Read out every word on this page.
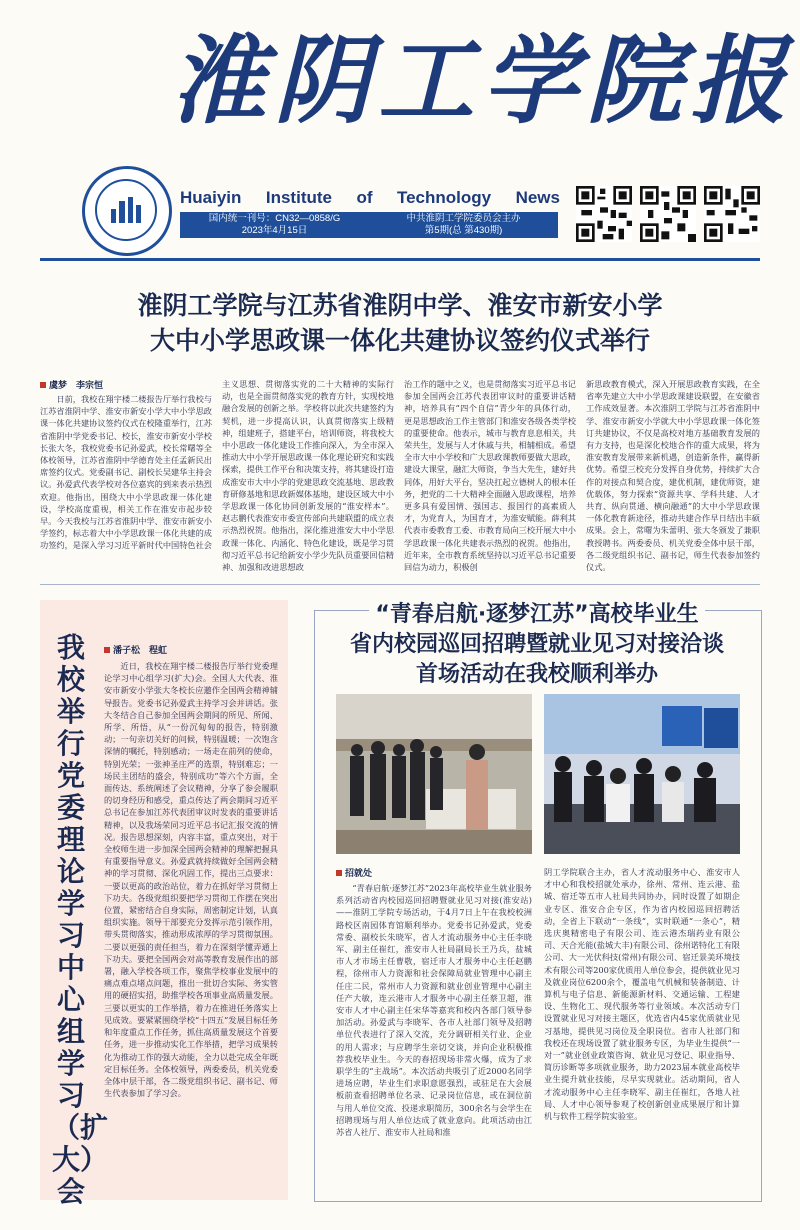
淮阴工学院报
Huaiyin Institute of Technology News
国内统一刊号：CN32—0858/G
2023年4月15日
中共淮阴工学院委员会主办
第5期(总 第430期)
淮阴工学院与江苏省淮阴中学、淮安市新安小学
大中小学思政课一体化共建协议签约仪式举行
虞梦　李宗恒

日前，我校在翔宇楼二楼报告厅举行我校与江苏省淮阴中学、淮安市新安小学大中小学思政课一体化共建协议签约仪式在校隆重举行，江苏省淮阴中学党委书记、校长，淮安市新安小学校长张大冬，我校党委书记孙爱武，校长常曙等全体校领导，江苏省淮阴中学德育处主任孟新民出席签约仪式。党委副书记、副校长吴建华主持会议。孙爱武代表学校对各位嘉宾的到来表示热烈欢迎。他指出，围绕大中小学思政课一体化建设，学校高度重视，相关工作在淮安市起步较早。今天我校与江苏省淮阴中学、淮安市新安小学签约，标志着大中小学思政课一体化共建的成功签约，是深入学习习近平新时代中国特色社会

主义思想、贯彻落实党的二十大精神的实际行动，也是全面贯彻落实党的教育方针，实现校地融合发展的创新之举。学校将以此次共建签约为契机，进一步提高认识，认真贯彻落实上级精神，组建班子，搭建平台，培训师资，将我校大中小思政一体化建设工作推向深入，为全市深入推动大中小学开展思政课一体化理论研究和实践探索，提供工作平台和决策支持，将其建设打造成淮安市大中小学的党建思政交流基地、思政教育研修基地和思政新媒体基地，建设区域大中小学思政课一体化协同创新发展的“淮安样本”。赵志鹏代表淮安市委宣传部向共建联盟的成立表示热烈祝贺。他指出，深化推进淮安大中小学思政课一体化、内涵化、特色化建设，既是学习贯彻习近平总书记给新安小学少先队员重要回信精神、加强和改进思想政

治工作的题中之义，也是贯彻落实习近平总书记参加全国两会江苏代表团审议时的重要讲话精神，培养具有“四个自信”青少年的具体行动，更是思想政治工作主管部门和淮安各级各类学校的重要使命。他表示，城市与教育息息相关，共荣共生，发展与人才休戚与共，相辅相成。希望全市大中小学校和广大思政课教师要做大思政，建设大课堂，融汇大师资，争当大先生，建好共同体，用好大平台，坚决扛起立德树人的根本任务，把党的二十大精神全面融入思政课程，培养更多具有爱国情、强国志、报国行的高素质人才，为党育人，为国育才，为淮安赋能。薛利其代表市委教育工委、市教育局向三校开展大中小学思政课一体化共建表示热烈的祝贺。他指出，近年来，全市教育系统坚持以习近平总书记重要回信为动力，积极创

新思政教育模式，深入开展思政教育实践，在全省率先建立大中小学思政课建设联盟，在安徽省工作成效显著。本次淮阴工学院与江苏省淮阴中学、淮安市新安小学就大中小学思政课一体化签订共建协议，不仅是高校对地方基础教育发展的有力支持，也是深化校地合作的重大成果，将为淮安教育发展带来新机遇，创造新条件，赢得新优势。希望三校充分发挥自身优势，持续扩大合作的对接点和契合度，建优机制，建优师资，建优载体，努力探索“资源共享、学科共建、人才共育、纵向贯通、横向融通”的大中小学思政课一体化教育新途径，推动共建合作早日结出丰硕成果。会上，常曙为朱蕾明、张大冬颁发了兼职教授聘书。两委委员、机关党委全体中层干部，各二级党组织书记、副书记，师生代表参加签约仪式。

我校举行党委理论学习中心组学习（扩大）会
潘子松　程虹

近日，我校在翔宇楼二楼报告厅举行党委理论学习中心组学习(扩大)会。全国人大代表、淮安市新安小学张大冬校长应邀作全国两会精神辅导报告。党委书记孙爱武主持学习会并讲话。张大冬结合自己参加全国两会期间的所见、所闻、所学、所悟，从“一份沉甸甸的报告，特别激动；一句亲切关好的问候，特别温暖；一次饱含深情的嘱托，特别感动；一场走在前列的使命，特别光荣；一张神圣庄严的选票，特别难忘；一场民主团结的盛会，特别成功”等六个方面，全面传达、系统阐述了会议精神，分享了参会履职的切身经历和感受，重点传达了两会期间习近平总书记在参加江苏代表团审议时发表的重要讲话精神，以及我场荣同习近平总书记汇报交流的情况。报告思想深刻，内容丰富，重点突出，对于全校师生进一步加深全国两会精神的理解把握具有重要指导意义。孙爱武就持续做好全国两会精神的学习贯彻、深化巩固工作，提出三点要求：一要以更高的政治站位，着力在抓好学习贯彻上下功夫。各级党组织要把学习贯彻工作摆在突出位置，紧密结合自身实际，周密制定计划，认真组织实施。领导干部要充分发挥示范引领作用，带头贯彻落实，推动形成浓厚的学习贯彻氛围。二要以更强的责任担当，着力在深刻学懂弄通上下功夫。要把全国两会对高等教育发展作出的部署，融入学校各项工作，聚焦学校事业发展中的痛点难点堵点问题，推出一批切合实际、务实管用的硬招实招，助推学校各项事业高质量发展。三要以更实的工作举措，着力在推进任务落实上见成效。要紧紧围绕学校“十四五”发展目标任务和年度重点工作任务，抓住高质量发展这个首要任务，进一步推动实化工作举措，把学习成果转化为推动工作的强大动能，全力以赴完成全年既定目标任务。全体校领导，两委委员，机关党委全体中层干部，各二级党组织书记、副书记、师生代表参加了学习会。

“青春启航·逐梦江苏”高校毕业生
省内校园巡回招聘暨就业见习对接洽谈
首场活动在我校顺利举办
招就处

“青春启航·逐梦江苏”2023年高校毕业生就业服务系列活动省内校园巡回招聘暨就业见习对接(淮安站)——淮阴工学院专场活动，于4月7日上午在我校校洲路校区南园体育馆顺利举办。党委书记孙爱武，党委常委、副校长朱晓军，省人才流动服务中心主任李晓军、副主任崔红，淮安市人社局副局长王乃兵，盐城市人才市场主任曹敬，宿迁市人才服务中心主任赵鹏程，徐州市人力资源和社会保障局就业管理中心副主任庄二民，常州市人力资源和就业创业管理中心副主任产大敏，连云港市人才服务中心副主任蔡卫超，淮安市人才中心副主任宋华等嘉宾和校内各部门领导参加活动。孙爱武与李晓军、各市人社部门领导及招聘单位代表进行了深入交流，充分调研相关行业、企业的用人需求；与应聘学生亲切交谈，并向企业积极推荐我校毕业生。今天的春招现场非常火爆，成为了求职学生的“主战场”。本次活动共吸引了近2000名同学进场应聘，毕业生们求职意愿强烈，或驻足在大会展板前查看招聘单位名录、记录岗位信息，或在洞位前与用人单位交流、投递求职简历，300余名与会学生在招聘现场与用人单位达成了就业意向。此项活动由江苏省人社厅、淮安市人社局和淮

阴工学院联合主办，省人才流动服务中心、淮安市人才中心和我校招就处承办，徐州、常州、连云港、盐城、宿迁等五市人社局共同协办，同时设置了如期企业专区、淮安合企专区，作为省内校园巡回招聘活动，全省上下联动“一条线”，实时联通“一条心”，精选庆奥精密电子有限公司、连云港杰瑞药业有限公司、天合光能(盐城大丰)有限公司、徐州诺特化工有限公司、大一光伏科技(常州)有限公司、宿迁景美环境技术有限公司等200家优质用人单位参会，提供就业见习及就业岗位6200余个，覆盖电气机械和装备制造、计算机与电子信息、新能源新材料、交通运输、工程建设、生物化工、现代服务等行业领域。本次活动专门设置就业见习对接主题区，优选省内45家优质就业见习基地，提供见习岗位及全职岗位。省市人社部门和我校还在现场设置了就业服务专区，为毕业生提供“一对一”就业创业政策咨询、就业见习登记、职业指导、简历诊断等多项就业服务，助力2023届本就业高校毕业生提升就业技能，尽早实现就业。活动期间，省人才流动服务中心主任李晓军、副主任崔红，各地人社局、人才中心领导参观了校创新创业成果展厅和计算机与软件工程学院实验室。
